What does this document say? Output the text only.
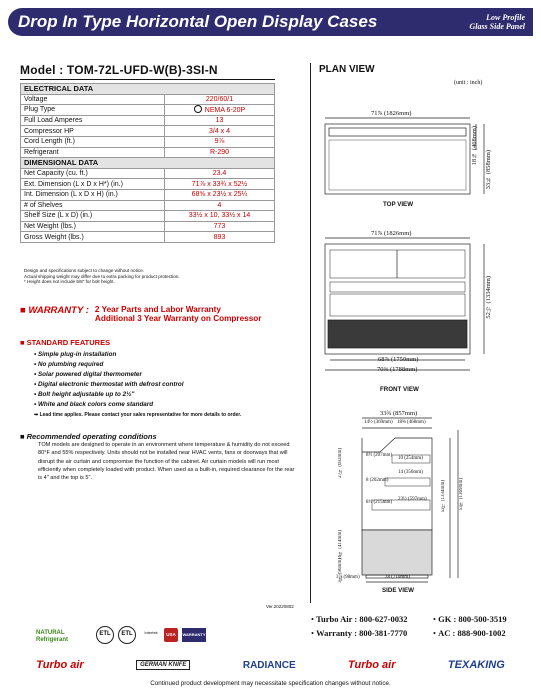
Drop In Type Horizontal Open Display Cases	Low Profile
Glass Side Panel
Model : TOM-72L-UFD-W(B)-3SI-N
ELECTRICAL DATA	
Voltage	220/60/1
Plug Type	NEMA 6-20P
Full Load Amperes	13
Compressor HP	3/4 x 4
Cord Length (ft.)	9⅞
Refrigerant	R-290
DIMENSIONAL DATA	
Net Capacity (cu. ft.)	23.4
Ext. Dimension (L x D x H*) (in.)	71⅞ x 33¾ x 52½
Int. Dimension (L x D x H) (in.)	68⅝ x 23½ x 25¼
# of Shelves	4
Shelf Size (L x D) (in.)	33½ x 10, 33½ x 14
Net Weight (lbs.)	773
Gross Weight (lbs.)	893
Design and specifications subject to change without notice.
Actual shipping weight may differ due to extra packing for product protection.
* Height does not include 5/8" for bolt height.
■ WARRANTY : 2 Year Parts and Labor Warranty
Additional 3 Year Warranty on Compressor
■ STANDARD FEATURES
• Simple plug-in installation
• No plumbing required
• Solar powered digital thermometer
• Digital electronic thermostat with defrost control
• Bolt height adjustable up to 2½"
• White and black colors come standard
➡ Lead time applies. Please contact your sales representative for more details to order.
■ Recommended operating conditions
TOM models are designed to operate in an environment where temperature & humidity do not exceed 80°F and 55% respectively. Units should not be installed near HVAC vents, fans or doorways that will disrupt the air curtain and compromise the function of the cabinet. Air curtain models will run most efficiently when completely loaded with product. When used as a built-in, required clearance for the rear is 4" and the top is 5".
Ver.20220802
PLAN VIEW
(unit : inch)
71⅞ (1826mm)
18⅜ (468mm)
33¾ (858mm)
TOP VIEW
71⅞ (1826mm)
52½ (1334mm)
68⅞ (1750mm)
70⅜ (1788mm)
FRONT VIEW
33¾ (857mm)
14½ (369mm) 18⅜ (468mm)
10 (254mm)
14 (356mm)
23½ (597mm)
8½ (207mm)
8 (202mm)
8½ (215mm)
27¼ (692mm)
16¼ (414mm)
52½ (1334mm)	53⅞ (1369mm)
3¾ (96mm)	28 (710mm)
3⅞ (98mm)
SIDE VIEW
• Turbo Air : 800-627-0032	• GK : 800-500-3519
• Warranty : 800-381-7770	• AC : 888-900-1002
NATURAL Refrigerant
ETL	ETL	Intertek	USA	WARRANTY
Turbo air	GERMAN KNIFE	RADIANCE	Turbo air	TEXAKING
Continued product development may necessitate specification changes without notice.
